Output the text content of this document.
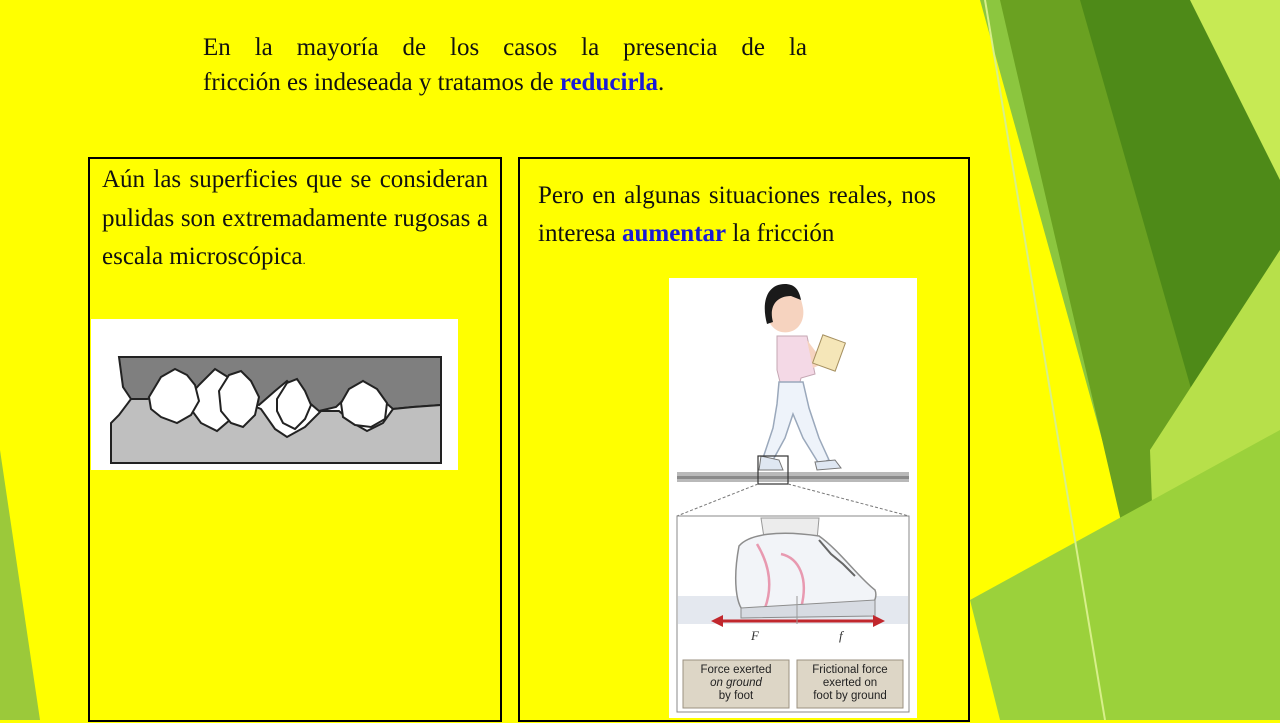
En la mayoría de los casos la presencia de la
fricción es indeseada y tratamos de reducirla.
Aún las superficies que se consideran pulidas son extremadamente rugosas a escala microscópica.
Pero en algunas situaciones reales, nos interesa aumentar la fricción
F	f
Force exerted
on ground
by foot
Frictional force
exerted on
foot by ground
